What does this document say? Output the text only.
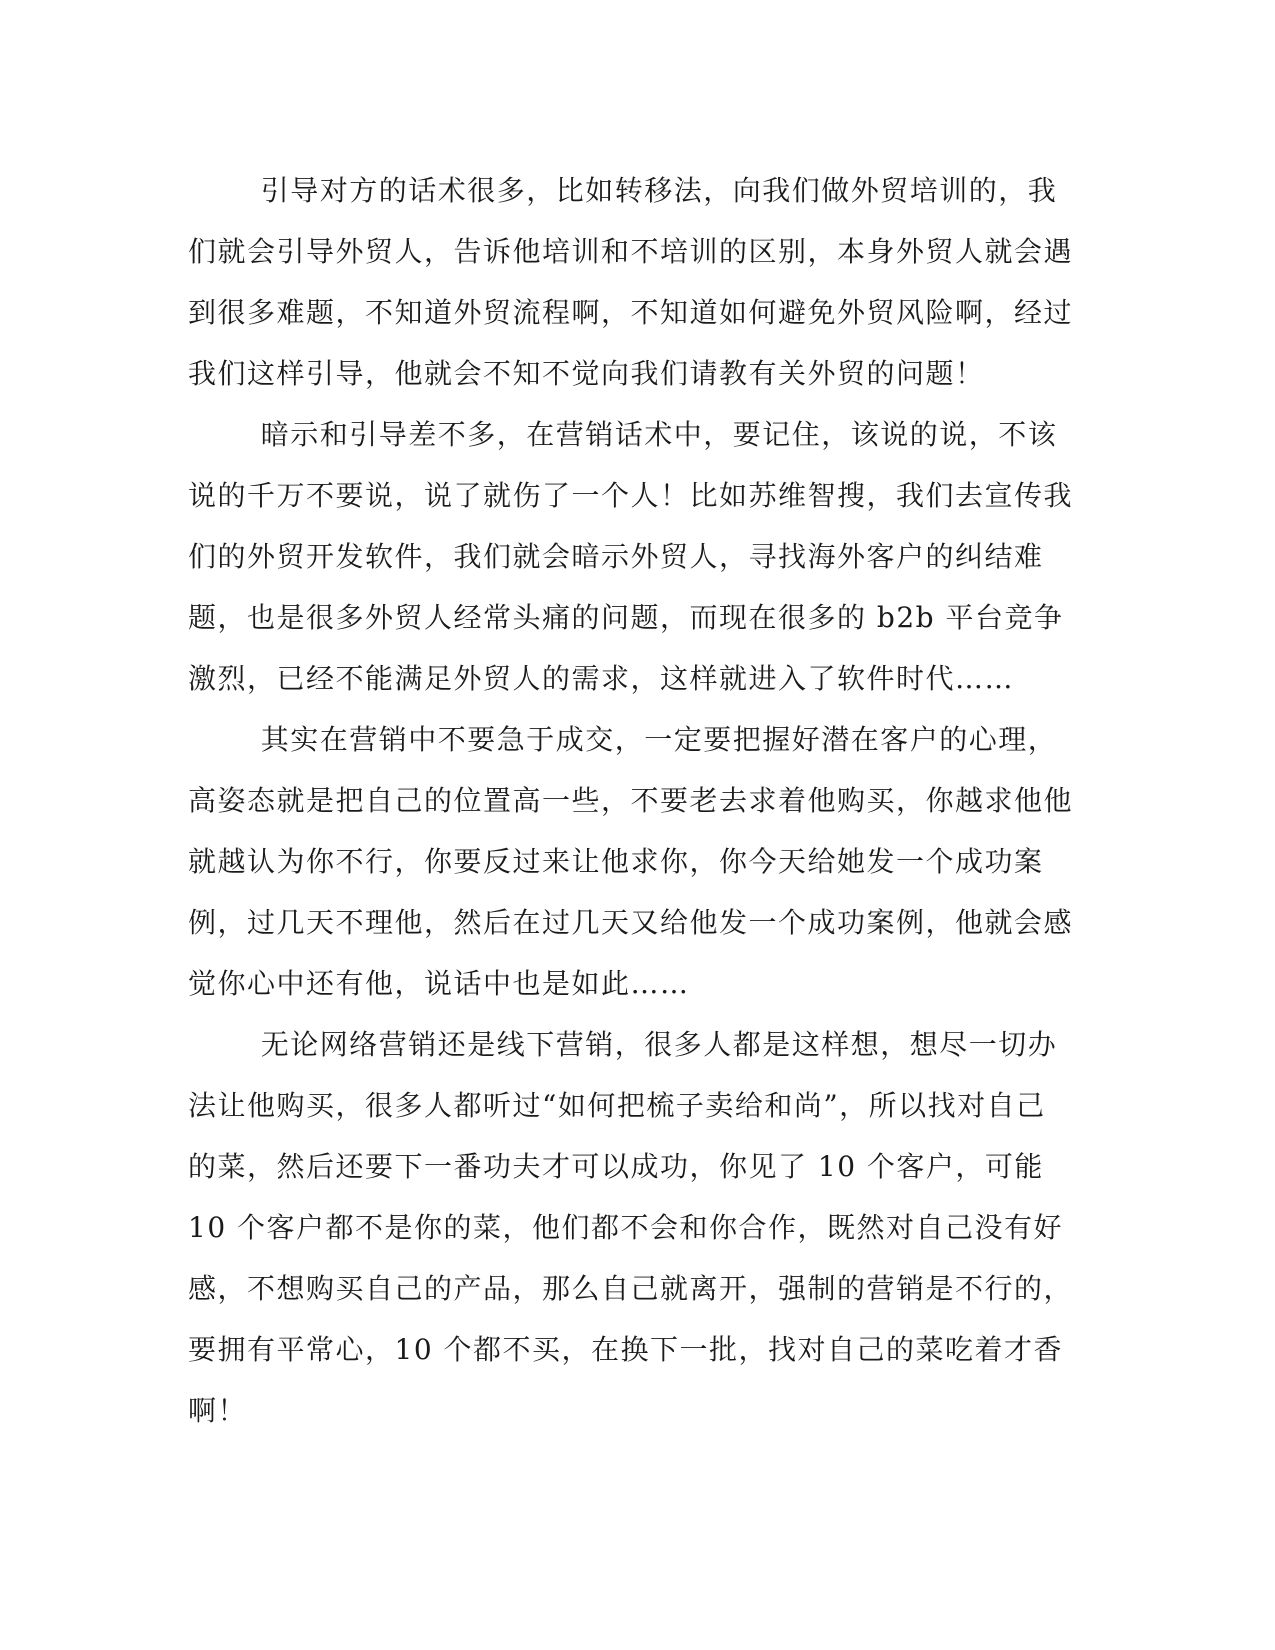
引导对方的话术很多，比如转移法，向我们做外贸培训的，我们就会引导外贸人，告诉他培训和不培训的区别，本身外贸人就会遇到很多难题，不知道外贸流程啊，不知道如何避免外贸风险啊，经过我们这样引导，他就会不知不觉向我们请教有关外贸的问题！

暗示和引导差不多，在营销话术中，要记住，该说的说，不该说的千万不要说，说了就伤了一个人！比如苏维智搜，我们去宣传我们的外贸开发软件，我们就会暗示外贸人，寻找海外客户的纠结难题，也是很多外贸人经常头痛的问题，而现在很多的 b2b 平台竞争激烈，已经不能满足外贸人的需求，这样就进入了软件时代……

其实在营销中不要急于成交，一定要把握好潜在客户的心理，高姿态就是把自己的位置高一些，不要老去求着他购买，你越求他他就越认为你不行，你要反过来让他求你，你今天给她发一个成功案例，过几天不理他，然后在过几天又给他发一个成功案例，他就会感觉你心中还有他，说话中也是如此……

无论网络营销还是线下营销，很多人都是这样想，想尽一切办法让他购买，很多人都听过“如何把梳子卖给和尚”，所以找对自己的菜，然后还要下一番功夫才可以成功，你见了 10 个客户，可能 10 个客户都不是你的菜，他们都不会和你合作，既然对自己没有好感，不想购买自己的产品，那么自己就离开，强制的营销是不行的，要拥有平常心，10 个都不买，在换下一批，找对自己的菜吃着才香啊！
